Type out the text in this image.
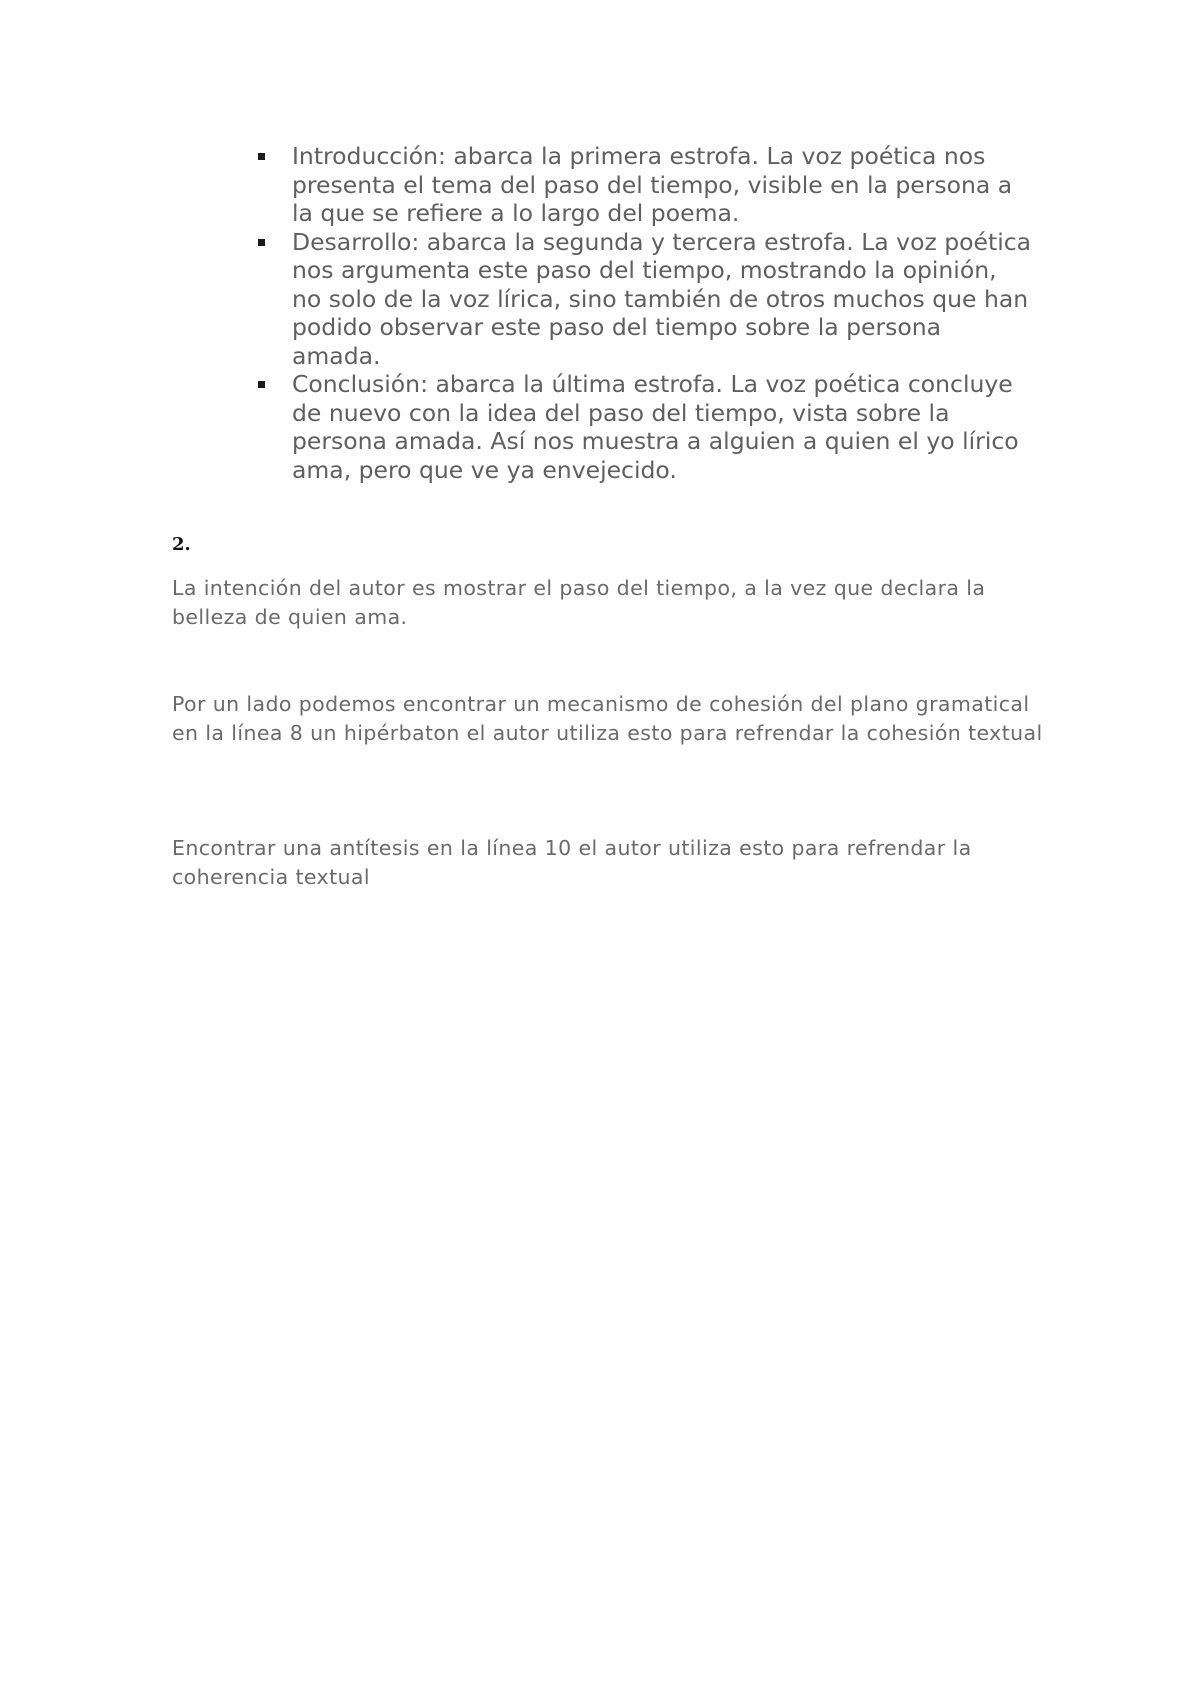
Introducción: abarca la primera estrofa. La voz poética nos presenta el tema del paso del tiempo, visible en la persona a la que se refiere a lo largo del poema.
Desarrollo: abarca la segunda y tercera estrofa. La voz poética nos argumenta este paso del tiempo, mostrando la opinión, no solo de la voz lírica, sino también de otros muchos que han podido observar este paso del tiempo sobre la persona amada.
Conclusión: abarca la última estrofa. La voz poética concluye de nuevo con la idea del paso del tiempo, vista sobre la persona amada. Así nos muestra a alguien a quien el yo lírico ama, pero que ve ya envejecido.
2.

La intención del autor es mostrar el paso del tiempo, a la vez que declara la belleza de quien ama.

Por un lado podemos encontrar un mecanismo de cohesión del plano gramatical en la línea 8 un hipérbaton el autor utiliza esto para refrendar la cohesión textual

Encontrar una antítesis en la línea 10 el autor utiliza esto para refrendar la coherencia textual
